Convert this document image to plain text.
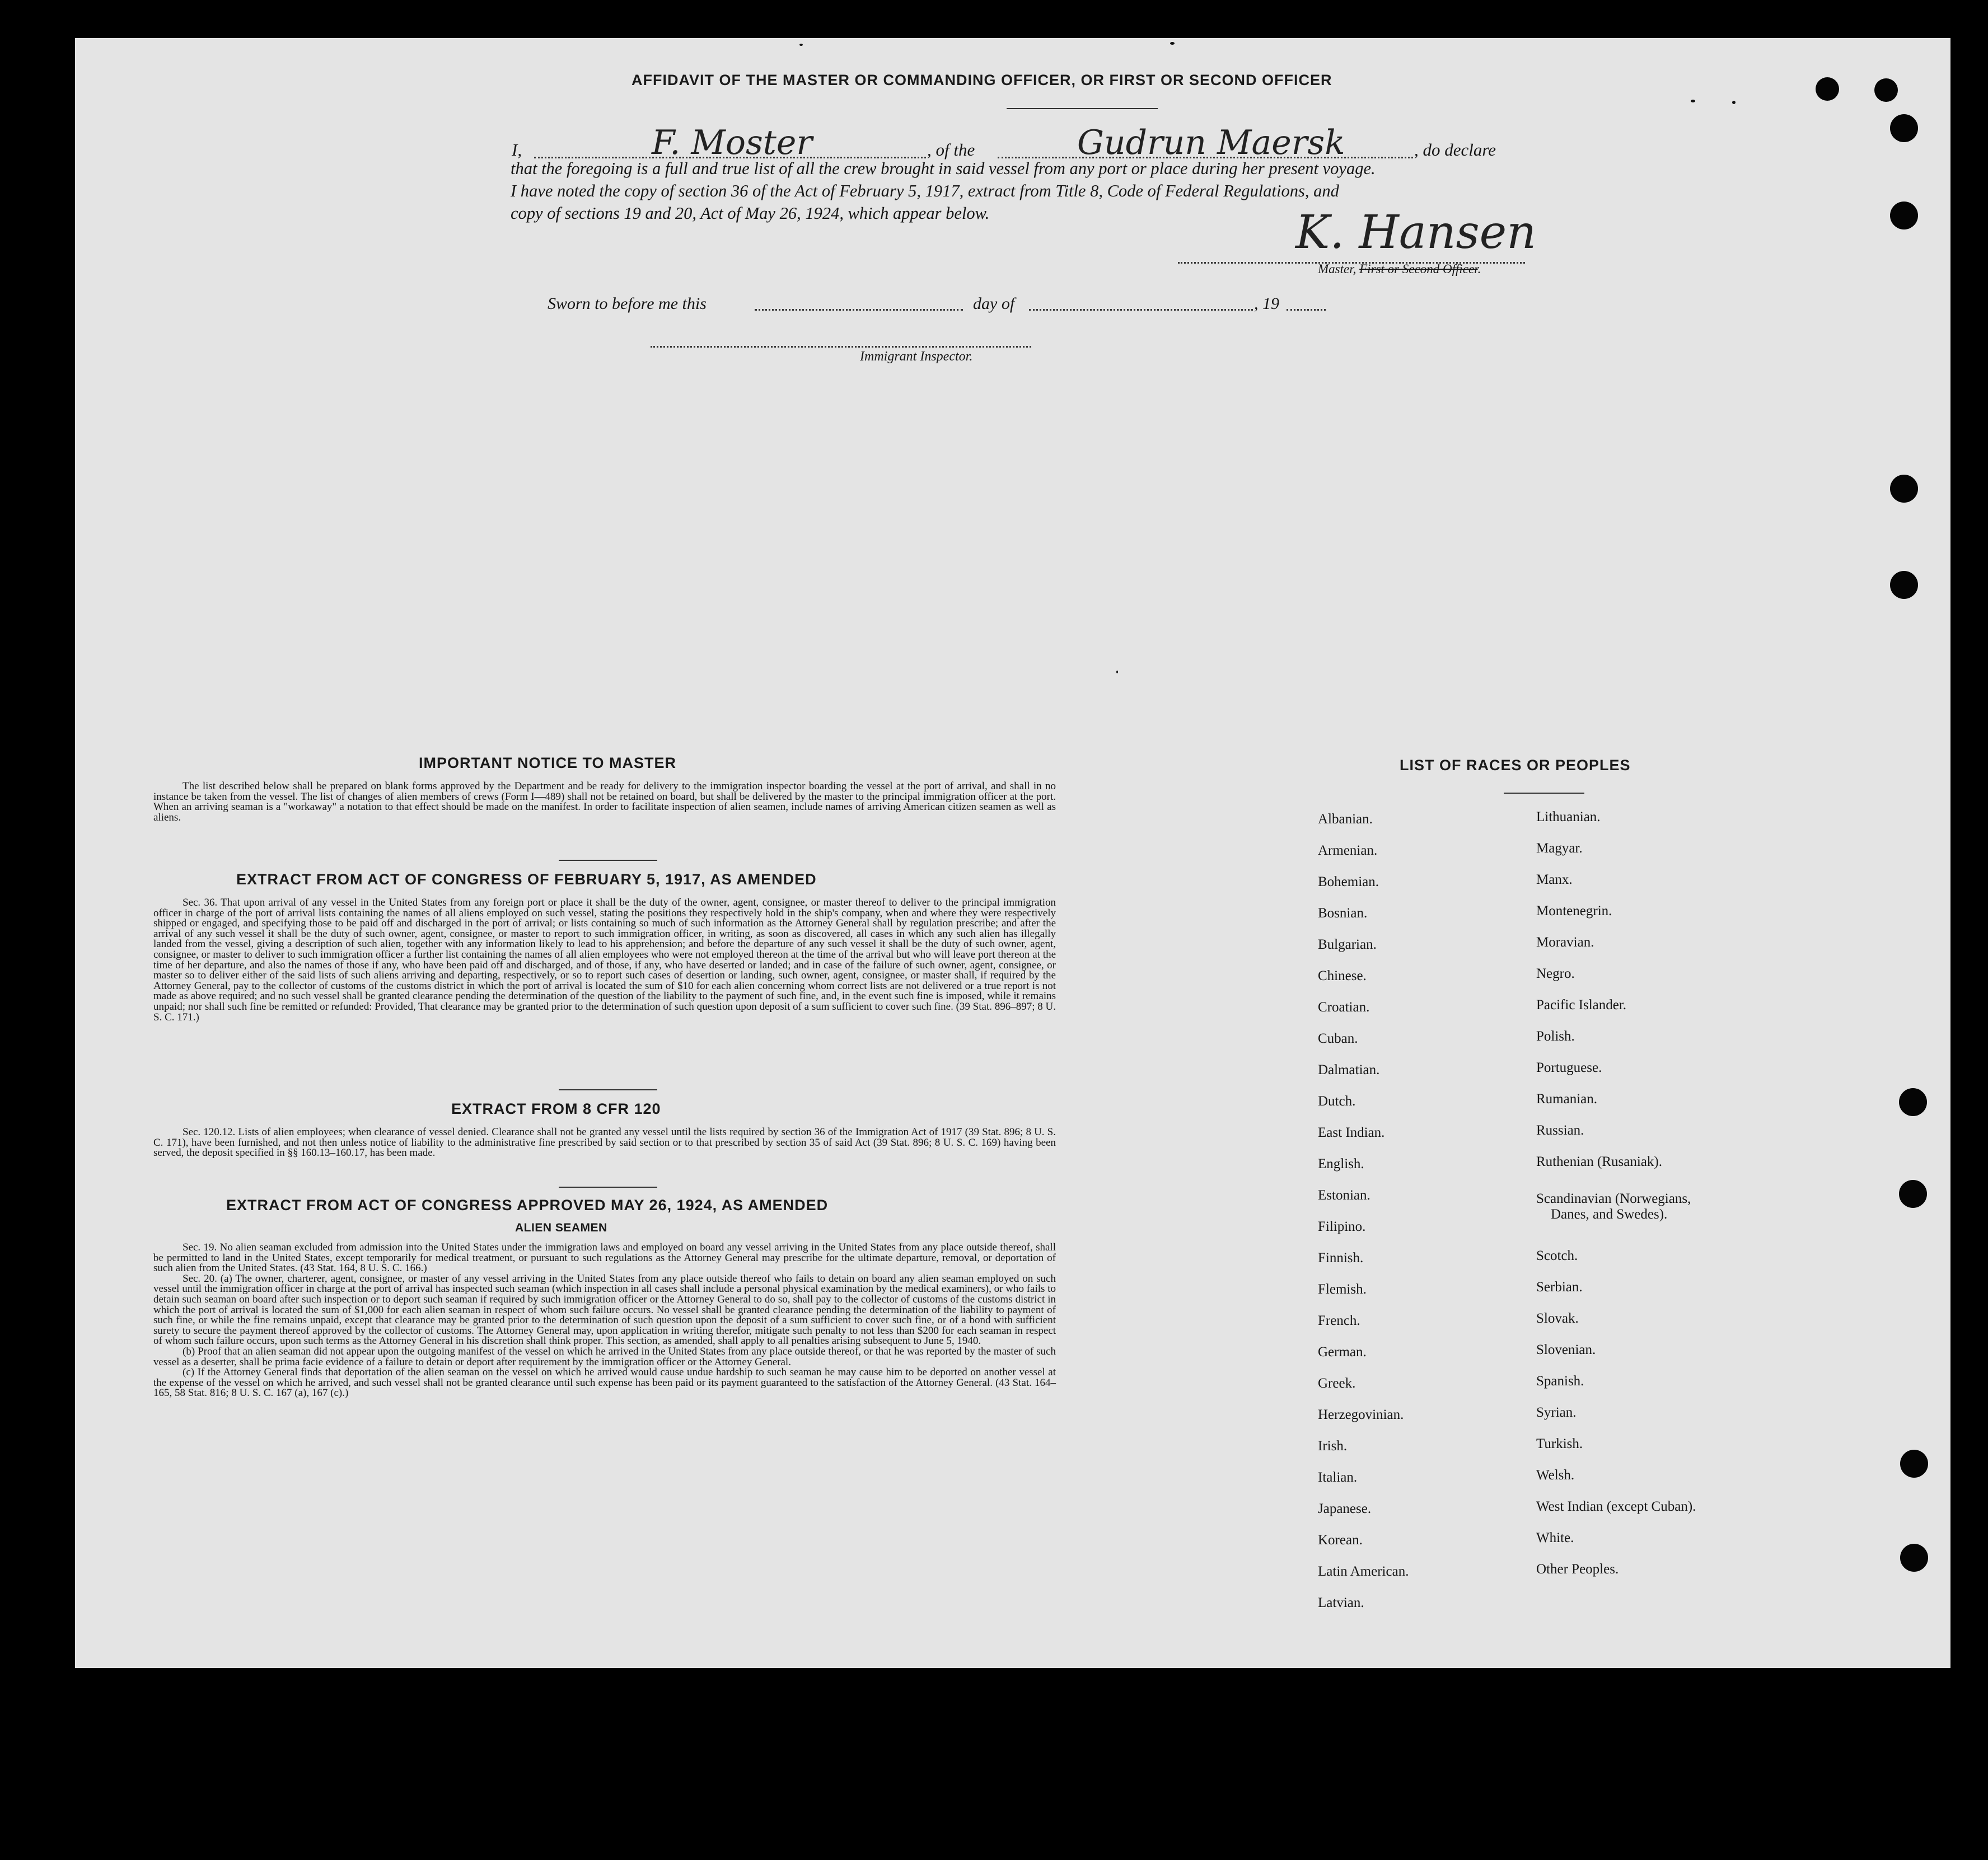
AFFIDAVIT OF THE MASTER OR COMMANDING OFFICER, OR FIRST OR SECOND OFFICER
I,	F. Moster	, of the	Gudrun Maersk	, do declare
that the foregoing is a full and true list of all the crew brought in said vessel from any port or place during her present voyage.
I have noted the copy of section 36 of the Act of February 5, 1917, extract from Title 8, Code of Federal Regulations, and
copy of sections 19 and 20, Act of May 26, 1924, which appear below.	K. Hansen
Master, First or Second Officer.
Sworn to before me this	day of	, 19
Immigrant Inspector.
IMPORTANT NOTICE TO MASTER

The list described below shall be prepared on blank forms approved by the Department and be ready for delivery to the immigration inspector boarding the vessel at the port of arrival, and shall in no instance be taken from the vessel. The list of changes of alien members of crews (Form I—489) shall not be retained on board, but shall be delivered by the master to the principal immigration officer at the port. When an arriving seaman is a "workaway" a notation to that effect should be made on the manifest. In order to facilitate inspection of alien seamen, include names of arriving American citizen seamen as well as aliens.

EXTRACT FROM ACT OF CONGRESS OF FEBRUARY 5, 1917, AS AMENDED

Sec. 36. That upon arrival of any vessel in the United States from any foreign port or place it shall be the duty of the owner, agent, consignee, or master thereof to deliver to the principal immigration officer in charge of the port of arrival lists containing the names of all aliens employed on such vessel, stating the positions they respectively hold in the ship's company, when and where they were respectively shipped or engaged, and specifying those to be paid off and discharged in the port of arrival; or lists containing so much of such information as the Attorney General shall by regulation prescribe; and after the arrival of any such vessel it shall be the duty of such owner, agent, consignee, or master to report to such immigration officer, in writing, as soon as discovered, all cases in which any such alien has illegally landed from the vessel, giving a description of such alien, together with any information likely to lead to his apprehension; and before the departure of any such vessel it shall be the duty of such owner, agent, consignee, or master to deliver to such immigration officer a further list containing the names of all alien employees who were not employed thereon at the time of the arrival but who will leave port thereon at the time of her departure, and also the names of those if any, who have been paid off and discharged, and of those, if any, who have deserted or landed; and in case of the failure of such owner, agent, consignee, or master so to deliver either of the said lists of such aliens arriving and departing, respectively, or so to report such cases of desertion or landing, such owner, agent, consignee, or master shall, if required by the Attorney General, pay to the collector of customs of the customs district in which the port of arrival is located the sum of $10 for each alien concerning whom correct lists are not delivered or a true report is not made as above required; and no such vessel shall be granted clearance pending the determination of the question of the liability to the payment of such fine, and, in the event such fine is imposed, while it remains unpaid; nor shall such fine be remitted or refunded: Provided, That clearance may be granted prior to the determination of such question upon deposit of a sum sufficient to cover such fine. (39 Stat. 896–897; 8 U. S. C. 171.)

EXTRACT FROM 8 CFR 120

Sec. 120.12. Lists of alien employees; when clearance of vessel denied. Clearance shall not be granted any vessel until the lists required by section 36 of the Immigration Act of 1917 (39 Stat. 896; 8 U. S. C. 171), have been furnished, and not then unless notice of liability to the administrative fine prescribed by said section or to that prescribed by section 35 of said Act (39 Stat. 896; 8 U. S. C. 169) having been served, the deposit specified in §§ 160.13–160.17, has been made.

EXTRACT FROM ACT OF CONGRESS APPROVED MAY 26, 1924, AS AMENDED
ALIEN SEAMEN

Sec. 19. No alien seaman excluded from admission into the United States under the immigration laws and employed on board any vessel arriving in the United States from any place outside thereof, shall be permitted to land in the United States, except temporarily for medical treatment, or pursuant to such regulations as the Attorney General may prescribe for the ultimate departure, removal, or deportation of such alien from the United States. (43 Stat. 164, 8 U. S. C. 166.)

Sec. 20. (a) The owner, charterer, agent, consignee, or master of any vessel arriving in the United States from any place outside thereof who fails to detain on board any alien seaman employed on such vessel until the immigration officer in charge at the port of arrival has inspected such seaman (which inspection in all cases shall include a personal physical examination by the medical examiners), or who fails to detain such seaman on board after such inspection or to deport such seaman if required by such immigration officer or the Attorney General to do so, shall pay to the collector of customs of the customs district in which the port of arrival is located the sum of $1,000 for each alien seaman in respect of whom such failure occurs. No vessel shall be granted clearance pending the determination of the liability to payment of such fine, or while the fine remains unpaid, except that clearance may be granted prior to the determination of such question upon the deposit of a sum sufficient to cover such fine, or of a bond with sufficient surety to secure the payment thereof approved by the collector of customs. The Attorney General may, upon application in writing therefor, mitigate such penalty to not less than $200 for each seaman in respect of whom such failure occurs, upon such terms as the Attorney General in his discretion shall think proper. This section, as amended, shall apply to all penalties arising subsequent to June 5, 1940.

(b) Proof that an alien seaman did not appear upon the outgoing manifest of the vessel on which he arrived in the United States from any place outside thereof, or that he was reported by the master of such vessel as a deserter, shall be prima facie evidence of a failure to detain or deport after requirement by the immigration officer or the Attorney General.

(c) If the Attorney General finds that deportation of the alien seaman on the vessel on which he arrived would cause undue hardship to such seaman he may cause him to be deported on another vessel at the expense of the vessel on which he arrived, and such vessel shall not be granted clearance until such expense has been paid or its payment guaranteed to the satisfaction of the Attorney General. (43 Stat. 164–165, 58 Stat. 816; 8 U. S. C. 167 (a), 167 (c).)

LIST OF RACES OR PEOPLES
Albanian.
Armenian.
Bohemian.
Bosnian.
Bulgarian.
Chinese.
Croatian.
Cuban.
Dalmatian.
Dutch.
East Indian.
English.
Estonian.
Filipino.
Finnish.
Flemish.
French.
German.
Greek.
Herzegovinian.
Irish.
Italian.
Japanese.
Korean.
Latin American.
Latvian.
Lithuanian.
Magyar.
Manx.
Montenegrin.
Moravian.
Negro.
Pacific Islander.
Polish.
Portuguese.
Rumanian.
Russian.
Ruthenian (Rusaniak).
Scandinavian (Norwegians,
Danes, and Swedes).
Scotch.
Serbian.
Slovak.
Slovenian.
Spanish.
Syrian.
Turkish.
Welsh.
West Indian (except Cuban).
White.
Other Peoples.
